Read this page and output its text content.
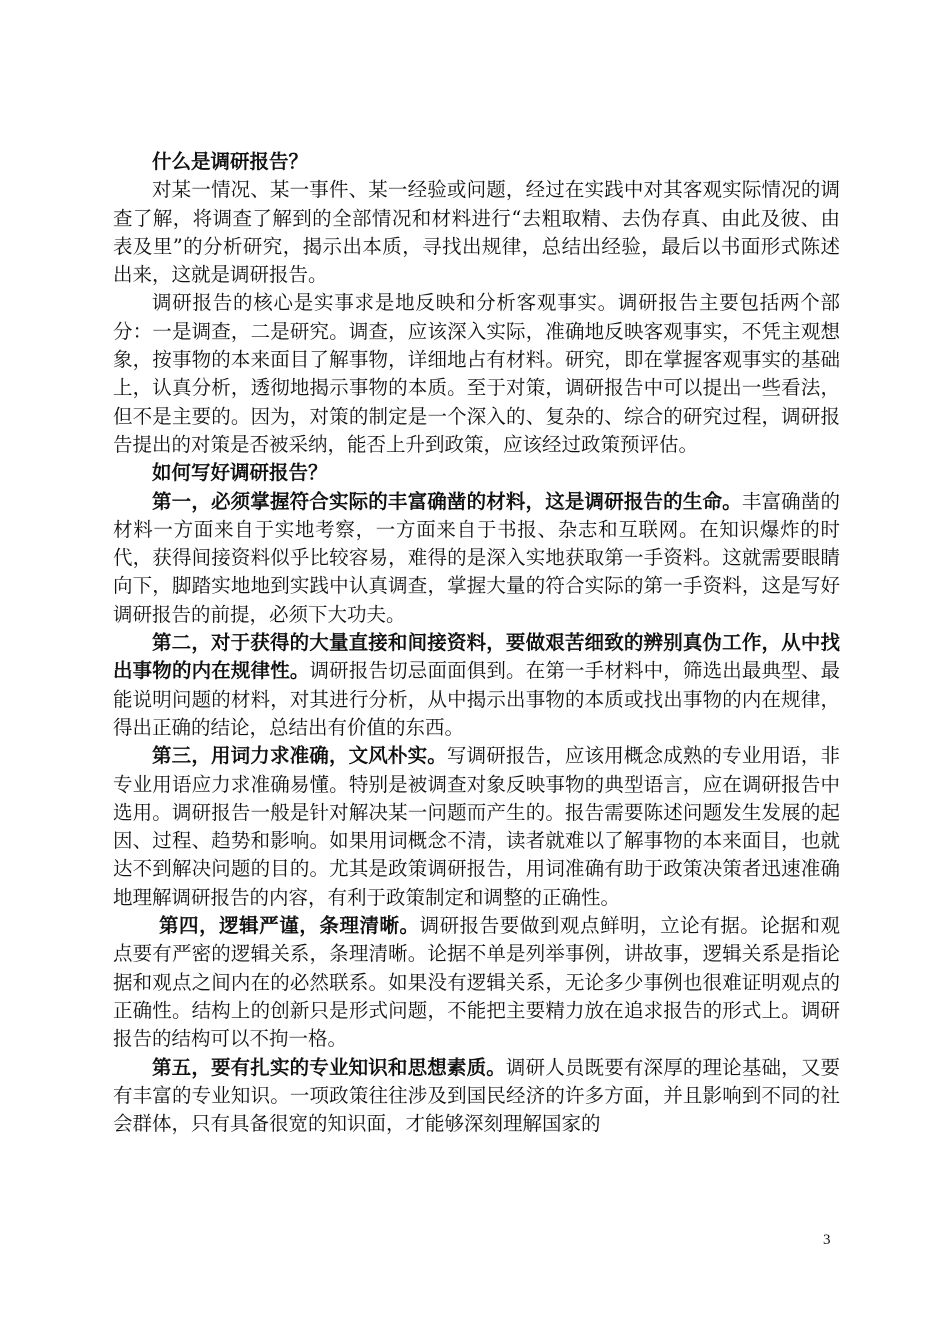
什么是调研报告？

对某一情况、某一事件、某一经验或问题，经过在实践中对其客观实际情况的调查了解，将调查了解到的全部情况和材料进行“去粗取精、去伪存真、由此及彼、由表及里”的分析研究，揭示出本质，寻找出规律，总结出经验，最后以书面形式陈述出来，这就是调研报告。

调研报告的核心是实事求是地反映和分析客观事实。调研报告主要包括两个部分：一是调查，二是研究。调查，应该深入实际，准确地反映客观事实，不凭主观想象，按事物的本来面目了解事物，详细地占有材料。研究，即在掌握客观事实的基础上，认真分析，透彻地揭示事物的本质。至于对策，调研报告中可以提出一些看法，但不是主要的。因为，对策的制定是一个深入的、复杂的、综合的研究过程，调研报告提出的对策是否被采纳，能否上升到政策，应该经过政策预评估。

如何写好调研报告？

第一，必须掌握符合实际的丰富确凿的材料，这是调研报告的生命。丰富确凿的材料一方面来自于实地考察，一方面来自于书报、杂志和互联网。在知识爆炸的时代，获得间接资料似乎比较容易，难得的是深入实地获取第一手资料。这就需要眼睛向下，脚踏实地地到实践中认真调查，掌握大量的符合实际的第一手资料，这是写好调研报告的前提，必须下大功夫。

第二，对于获得的大量直接和间接资料，要做艰苦细致的辨别真伪工作，从中找出事物的内在规律性。调研报告切忌面面俱到。在第一手材料中，筛选出最典型、最能说明问题的材料，对其进行分析，从中揭示出事物的本质或找出事物的内在规律，得出正确的结论，总结出有价值的东西。

第三，用词力求准确，文风朴实。写调研报告，应该用概念成熟的专业用语，非专业用语应力求准确易懂。特别是被调查对象反映事物的典型语言，应在调研报告中选用。调研报告一般是针对解决某一问题而产生的。报告需要陈述问题发生发展的起因、过程、趋势和影响。如果用词概念不清，读者就难以了解事物的本来面目，也就达不到解决问题的目的。尤其是政策调研报告，用词准确有助于政策决策者迅速准确地理解调研报告的内容，有利于政策制定和调整的正确性。

第四，逻辑严谨，条理清晰。调研报告要做到观点鲜明，立论有据。论据和观点要有严密的逻辑关系，条理清晰。论据不单是列举事例，讲故事，逻辑关系是指论据和观点之间内在的必然联系。如果没有逻辑关系，无论多少事例也很难证明观点的正确性。结构上的创新只是形式问题，不能把主要精力放在追求报告的形式上。调研报告的结构可以不拘一格。

第五，要有扎实的专业知识和思想素质。调研人员既要有深厚的理论基础，又要有丰富的专业知识。一项政策往往涉及到国民经济的许多方面，并且影响到不同的社会群体，只有具备很宽的知识面，才能够深刻理解国家的

3
